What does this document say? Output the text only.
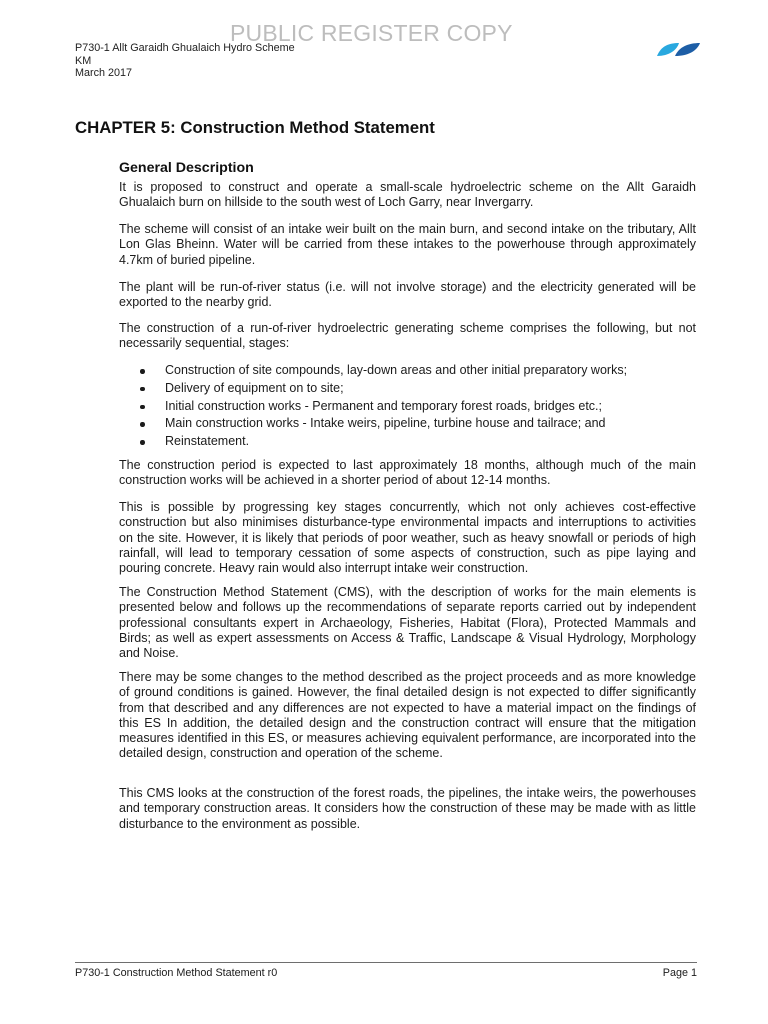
PUBLIC REGISTER COPY
P730-1 Allt Garaidh Ghualaich Hydro Scheme
KM
March 2017
CHAPTER 5: Construction Method Statement
General Description

It is proposed to construct and operate a small-scale hydroelectric scheme on the Allt Garaidh Ghualaich burn on hillside to the south west of Loch Garry, near Invergarry.

The scheme will consist of an intake weir built on the main burn, and second intake on the tributary, Allt Lon Glas Bheinn. Water will be carried from these intakes to the powerhouse through approximately 4.7km of buried pipeline.

The plant will be run-of-river status (i.e. will not involve storage) and the electricity generated will be exported to the nearby grid.

The construction of a run-of-river hydroelectric generating scheme comprises the following, but not necessarily sequential, stages:

Construction of site compounds, lay-down areas and other initial preparatory works;
Delivery of equipment on to site;
Initial construction works - Permanent and temporary forest roads, bridges etc.;
Main construction works - Intake weirs, pipeline, turbine house and tailrace; and
Reinstatement.

The construction period is expected to last approximately 18 months, although much of the main construction works will be achieved in a shorter period of about 12-14 months.

This is possible by progressing key stages concurrently, which not only achieves cost-effective construction but also minimises disturbance-type environmental impacts and interruptions to activities on the site. However, it is likely that periods of poor weather, such as heavy snowfall or periods of high rainfall, will lead to temporary cessation of some aspects of construction, such as pipe laying and pouring concrete. Heavy rain would also interrupt intake weir construction.

The Construction Method Statement (CMS), with the description of works for the main elements is presented below and follows up the recommendations of separate reports carried out by independent professional consultants expert in Archaeology, Fisheries, Habitat (Flora), Protected Mammals and Birds; as well as expert assessments on Access & Traffic, Landscape & Visual Hydrology, Morphology and Noise.

There may be some changes to the method described as the project proceeds and as more knowledge of ground conditions is gained. However, the final detailed design is not expected to differ significantly from that described and any differences are not expected to have a material impact on the findings of this ES In addition, the detailed design and the construction contract will ensure that the mitigation measures identified in this ES, or measures achieving equivalent performance, are incorporated into the detailed design, construction and operation of the scheme.

This CMS looks at the construction of the forest roads, the pipelines, the intake weirs, the powerhouses and temporary construction areas. It considers how the construction of these may be made with as little disturbance to the environment as possible.

P730-1 Construction Method Statement r0	Page 1
